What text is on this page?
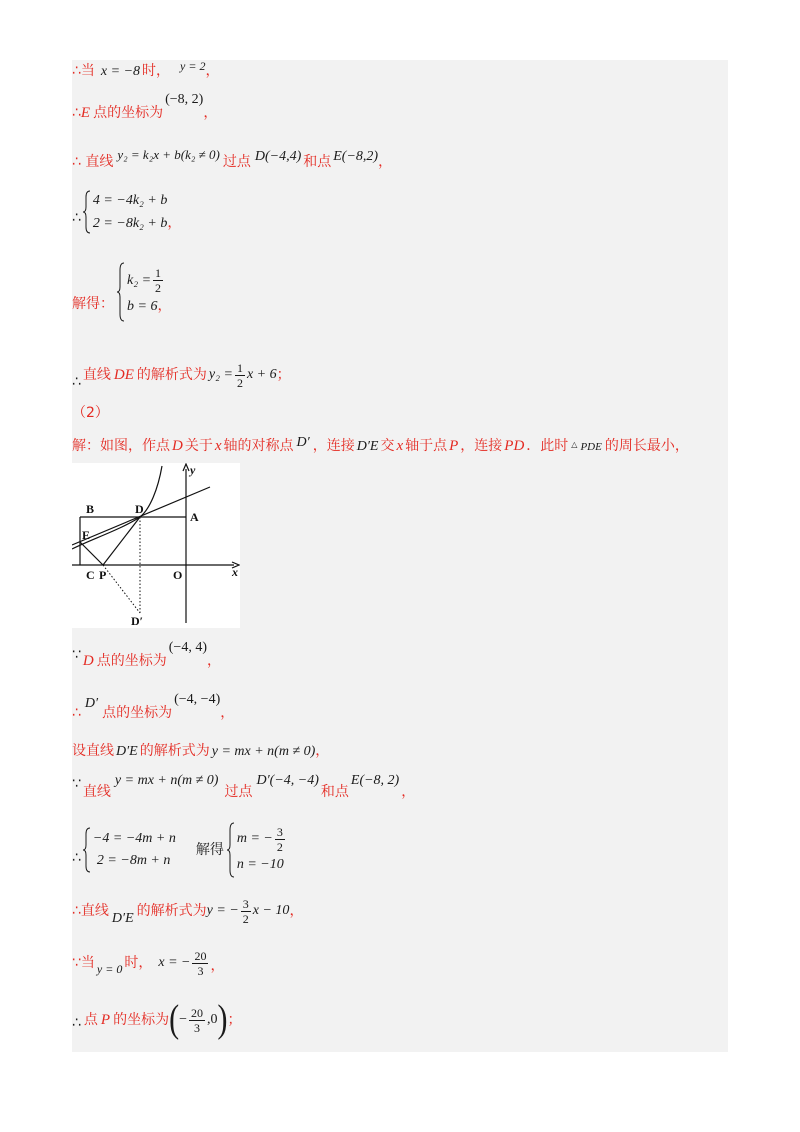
∴当 x = −8 时， y = 2，
∴E 点的坐标为(−8, 2)，
∴ 直线 y₂ = k₂x + b(k₂ ≠ 0) 过点 D(−4,4) 和点 E(−8,2)，
∴
4 = −4k₂ + b
2 = −8k₂ + b，
解得：
$k_2 = \frac{1}{2}$
b = 6，
∴ 直线 DE 的解析式为 $y_2 = \frac{1}{2}$ x + 6 ；
（2）
解：如图，作点 D 关于 x 轴的对称点 D′ ，连接 D′E 交 x 轴于点 P ，连接 PD ．此时 △ PDE 的周长最小，
B	D
A
E
C P	O	x
y
D′
∵ D 点的坐标为(−4, 4)，
∴D′点的坐标为(−4, −4)，
设直线 D′E 的解析式为 y = mx + n(m ≠ 0)，
∵ 直线y = mx + n(m ≠ 0)过点D′(−4, −4)和点E(−8, 2)，
∴
−4 = −4m + n
2 = −8m + n
解得
m = − $\frac{3}{2}$
n = −10
∴直线 D′E 的解析式为 y = − $\frac{3}{2}$ x − 10 ，
∵当 y = 0 时， x = − $\frac{20}{3}$ ，
∴ 点 P 的坐标为 ( − $\frac{20}{3} ,0$ ) ；
